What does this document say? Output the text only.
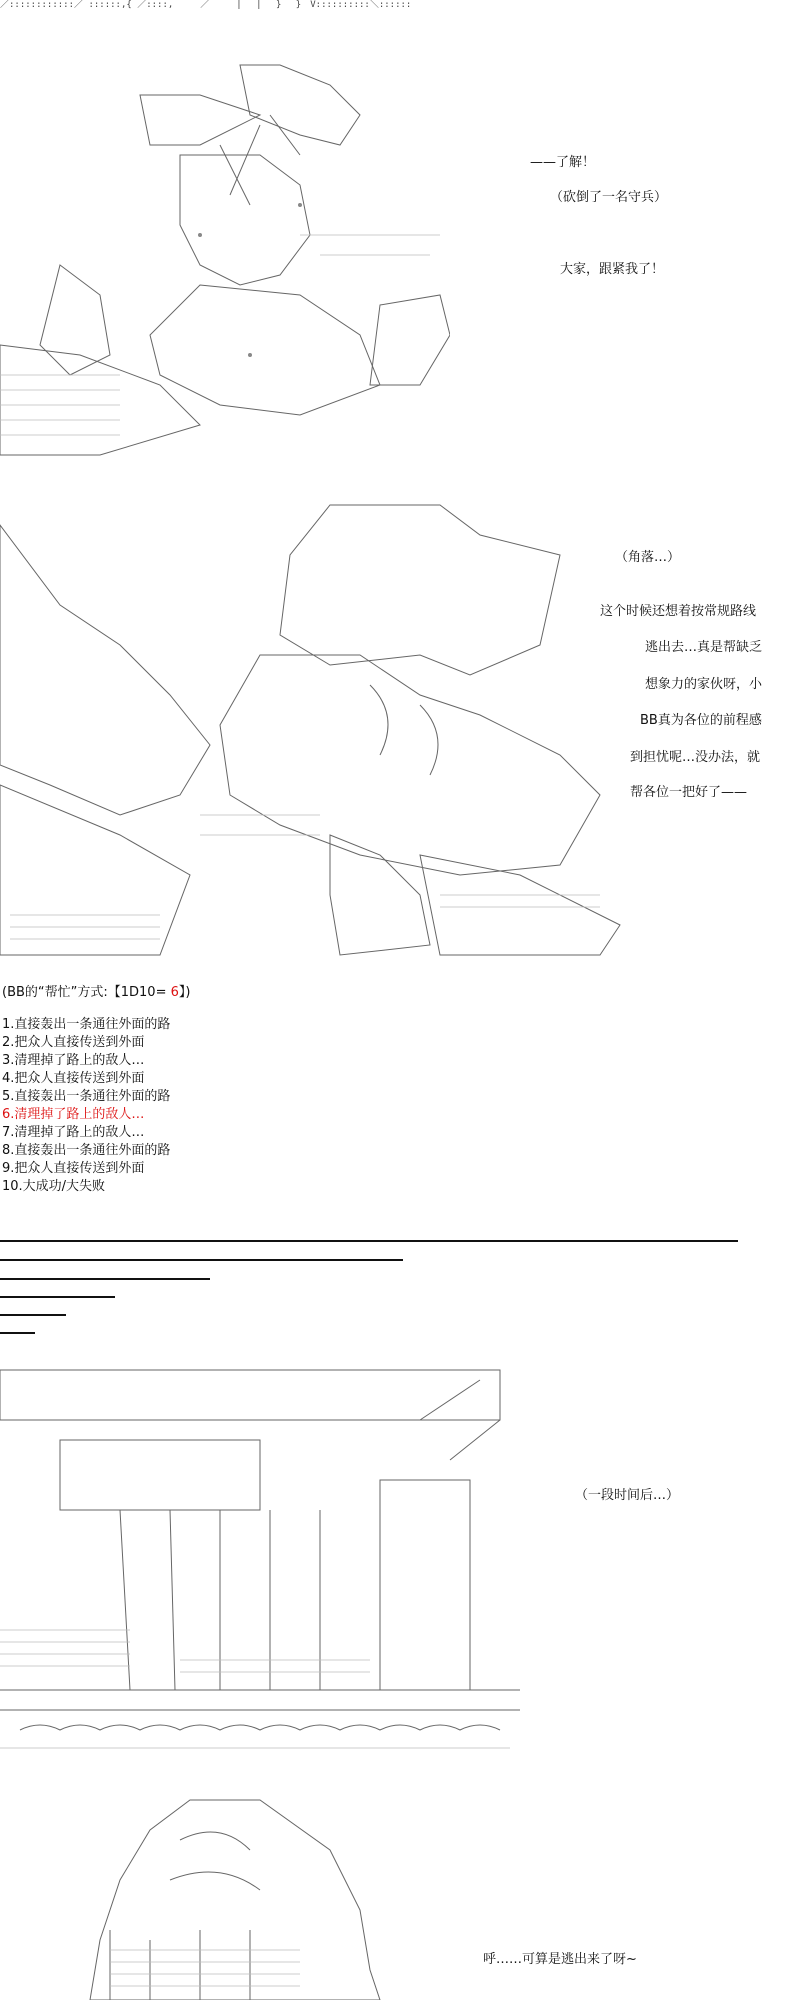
／::::::::::::／ ::::::,{ ／::::,　　　／　　　|　 |　 }　 }　V::::::::::＼::::::
——了解！
（砍倒了一名守兵）
大家，跟紧我了！
（角落…）
这个时候还想着按常规路线
逃出去…真是帮缺乏
想象力的家伙呀，小
BB真为各位的前程感
到担忧呢…没办法，就
帮各位一把好了——
(BB的“帮忙”方式:【1D10= 6】)
1.直接轰出一条通往外面的路
2.把众人直接传送到外面
3.清理掉了路上的敌人…
4.把众人直接传送到外面
5.直接轰出一条通往外面的路
6.清理掉了路上的敌人…
7.清理掉了路上的敌人…
8.直接轰出一条通往外面的路
9.把众人直接传送到外面
10.大成功/大失败
（一段时间后…）
呼……可算是逃出来了呀~
